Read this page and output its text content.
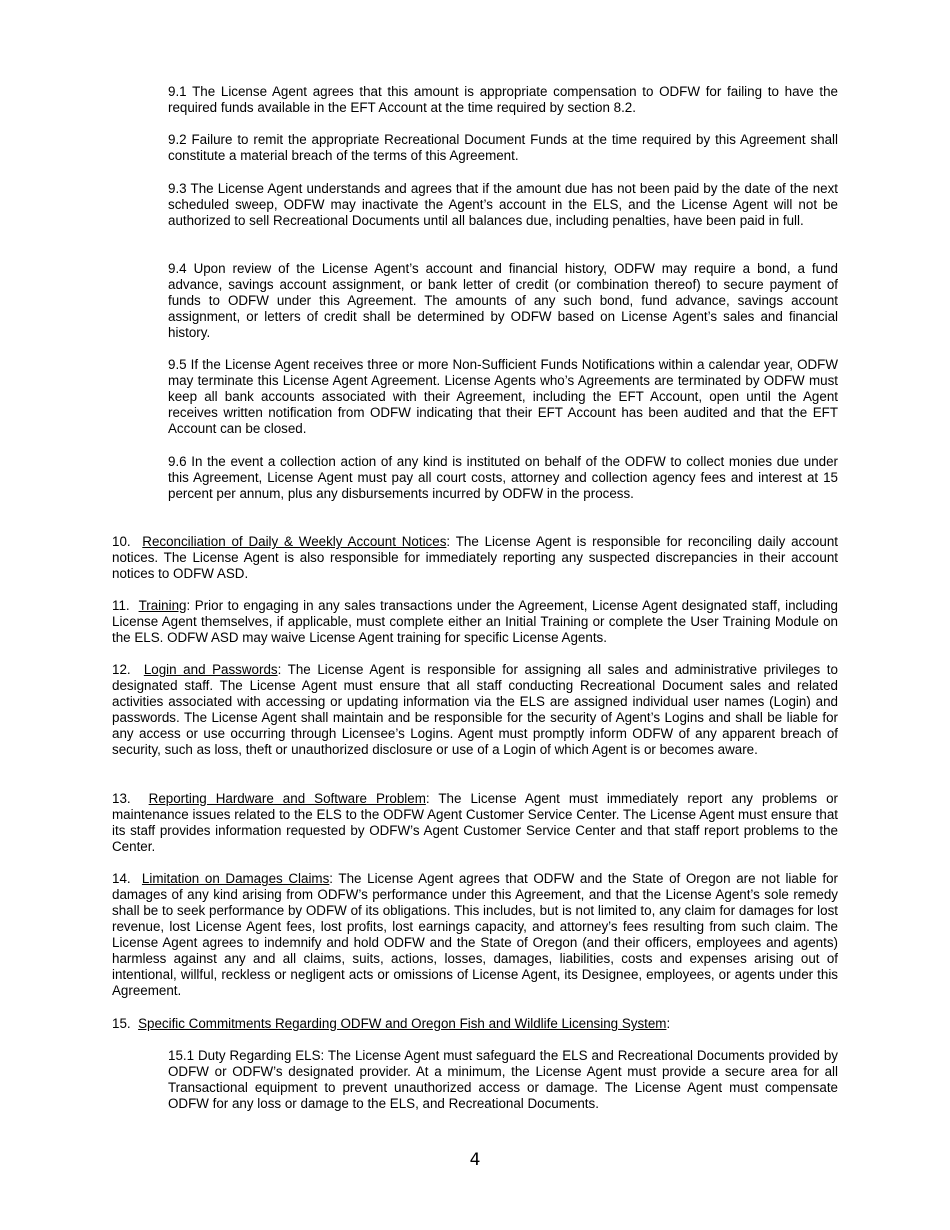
9.1 The License Agent agrees that this amount is appropriate compensation to ODFW for failing to have the required funds available in the EFT Account at the time required by section 8.2.

9.2 Failure to remit the appropriate Recreational Document Funds at the time required by this Agreement shall constitute a material breach of the terms of this Agreement.

9.3 The License Agent understands and agrees that if the amount due has not been paid by the date of the next scheduled sweep, ODFW may inactivate the Agent’s account in the ELS, and the License Agent will not be authorized to sell Recreational Documents until all balances due, including penalties, have been paid in full.

9.4 Upon review of the License Agent’s account and financial history, ODFW may require a bond, a fund advance, savings account assignment, or bank letter of credit (or combination thereof) to secure payment of funds to ODFW under this Agreement. The amounts of any such bond, fund advance, savings account assignment, or letters of credit shall be determined by ODFW based on License Agent’s sales and financial history.

9.5 If the License Agent receives three or more Non-Sufficient Funds Notifications within a calendar year, ODFW may terminate this License Agent Agreement. License Agents who’s Agreements are terminated by ODFW must keep all bank accounts associated with their Agreement, including the EFT Account, open until the Agent receives written notification from ODFW indicating that their EFT Account has been audited and that the EFT Account can be closed.

9.6 In the event a collection action of any kind is instituted on behalf of the ODFW to collect monies due under this Agreement, License Agent must pay all court costs, attorney and collection agency fees and interest at 15 percent per annum, plus any disbursements incurred by ODFW in the process.

10. Reconciliation of Daily & Weekly Account Notices: The License Agent is responsible for reconciling daily account notices. The License Agent is also responsible for immediately reporting any suspected discrepancies in their account notices to ODFW ASD.

11. Training: Prior to engaging in any sales transactions under the Agreement, License Agent designated staff, including License Agent themselves, if applicable, must complete either an Initial Training or complete the User Training Module on the ELS. ODFW ASD may waive License Agent training for specific License Agents.

12. Login and Passwords: The License Agent is responsible for assigning all sales and administrative privileges to designated staff. The License Agent must ensure that all staff conducting Recreational Document sales and related activities associated with accessing or updating information via the ELS are assigned individual user names (Login) and passwords. The License Agent shall maintain and be responsible for the security of Agent’s Logins and shall be liable for any access or use occurring through Licensee’s Logins. Agent must promptly inform ODFW of any apparent breach of security, such as loss, theft or unauthorized disclosure or use of a Login of which Agent is or becomes aware.

13. Reporting Hardware and Software Problem: The License Agent must immediately report any problems or maintenance issues related to the ELS to the ODFW Agent Customer Service Center. The License Agent must ensure that its staff provides information requested by ODFW’s Agent Customer Service Center and that staff report problems to the Center.

14. Limitation on Damages Claims: The License Agent agrees that ODFW and the State of Oregon are not liable for damages of any kind arising from ODFW’s performance under this Agreement, and that the License Agent’s sole remedy shall be to seek performance by ODFW of its obligations. This includes, but is not limited to, any claim for damages for lost revenue, lost License Agent fees, lost profits, lost earnings capacity, and attorney’s fees resulting from such claim. The License Agent agrees to indemnify and hold ODFW and the State of Oregon (and their officers, employees and agents) harmless against any and all claims, suits, actions, losses, damages, liabilities, costs and expenses arising out of intentional, willful, reckless or negligent acts or omissions of License Agent, its Designee, employees, or agents under this Agreement.

15. Specific Commitments Regarding ODFW and Oregon Fish and Wildlife Licensing System:

15.1 Duty Regarding ELS: The License Agent must safeguard the ELS and Recreational Documents provided by ODFW or ODFW’s designated provider. At a minimum, the License Agent must provide a secure area for all Transactional equipment to prevent unauthorized access or damage. The License Agent must compensate ODFW for any loss or damage to the ELS, and Recreational Documents.

4
